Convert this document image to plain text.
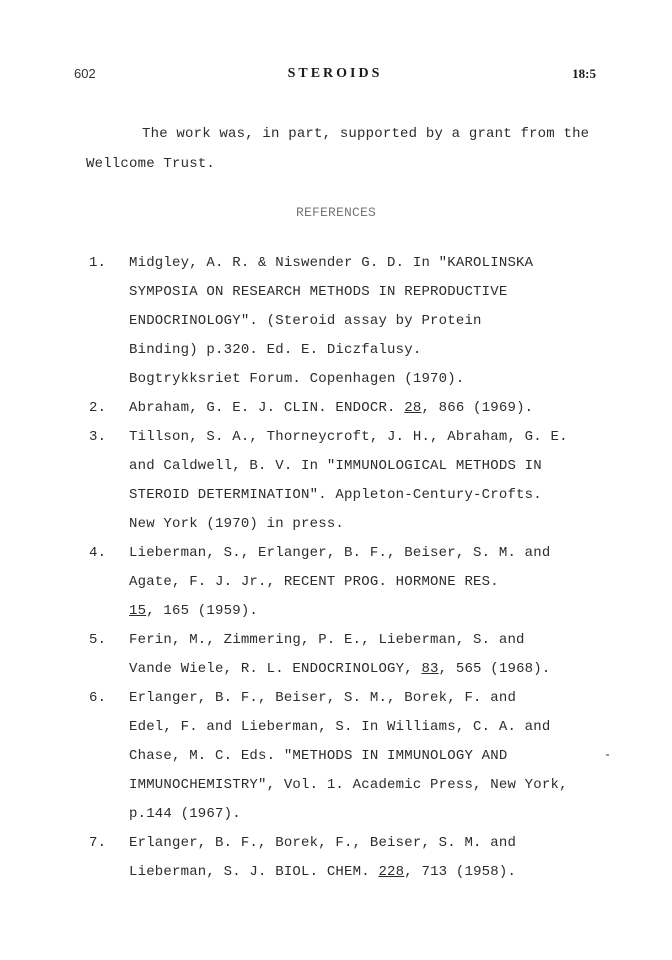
602	STEROIDS	18:5
The work was, in part, supported by a grant from the
Wellcome Trust.
REFERENCES
1. Midgley, A. R. & Niswender G. D. In "KAROLINSKA
SYMPOSIA ON RESEARCH METHODS IN REPRODUCTIVE
ENDOCRINOLOGY". (Steroid assay by Protein
Binding) p.320. Ed. E. Diczfalusy.
Bogtrykksriet Forum. Copenhagen (1970).
2. Abraham, G. E. J. CLIN. ENDOCR. 28, 866 (1969).
3. Tillson, S. A., Thorneycroft, J. H., Abraham, G. E.
and Caldwell, B. V. In "IMMUNOLOGICAL METHODS IN
STEROID DETERMINATION". Appleton-Century-Crofts.
New York (1970) in press.
4. Lieberman, S., Erlanger, B. F., Beiser, S. M. and
Agate, F. J. Jr., RECENT PROG. HORMONE RES.
15, 165 (1959).
5. Ferin, M., Zimmering, P. E., Lieberman, S. and
Vande Wiele, R. L. ENDOCRINOLOGY, 83, 565 (1968).
6. Erlanger, B. F., Beiser, S. M., Borek, F. and
Edel, F. and Lieberman, S. In Williams, C. A. and
Chase, M. C. Eds. "METHODS IN IMMUNOLOGY AND
IMMUNOCHEMISTRY", Vol. 1. Academic Press, New York,
p.144 (1967).
7. Erlanger, B. F., Borek, F., Beiser, S. M. and
Lieberman, S. J. BIOL. CHEM. 228, 713 (1958).
